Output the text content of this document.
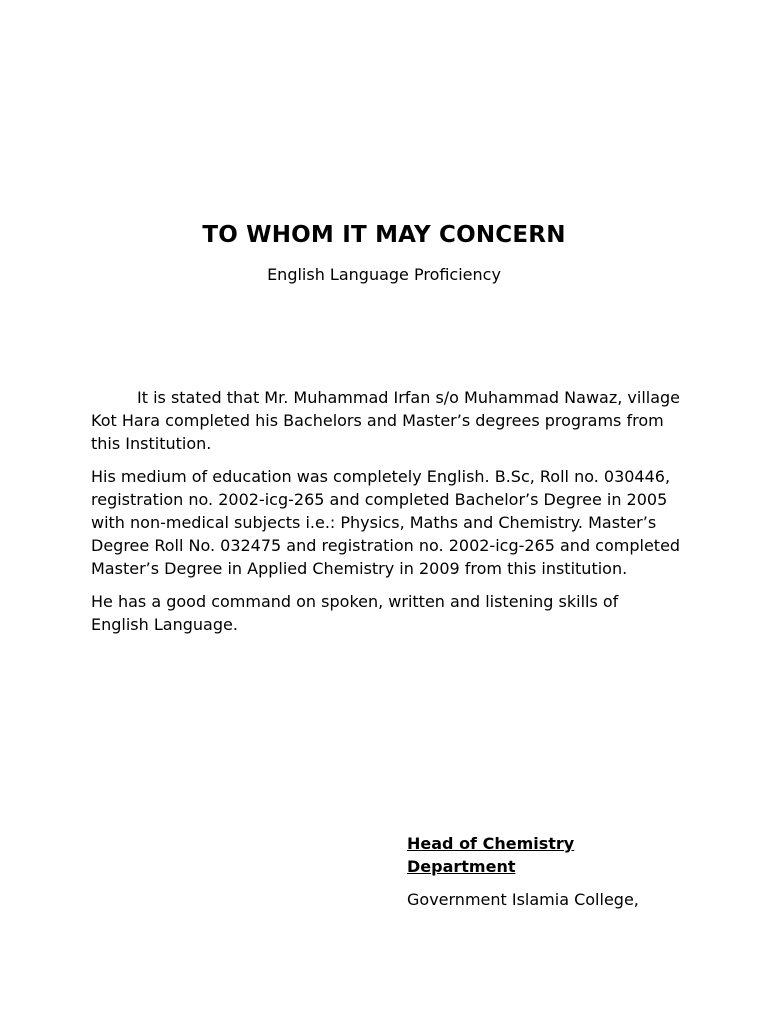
TO WHOM IT MAY CONCERN
English Language Proficiency

It is stated that Mr. Muhammad Irfan s/o Muhammad Nawaz, village Kot Hara completed his Bachelors and Master’s degrees programs from this Institution.

His medium of education was completely English. B.Sc, Roll no. 030446, registration no. 2002-icg-265 and completed Bachelor’s Degree in 2005 with non-medical subjects i.e.: Physics, Maths and Chemistry. Master’s Degree Roll No. 032475 and registration no. 2002-icg-265 and completed Master’s Degree in Applied Chemistry in 2009 from this institution.

He has a good command on spoken, written and listening skills of English Language.

Head of Chemistry Department
Government Islamia College,
